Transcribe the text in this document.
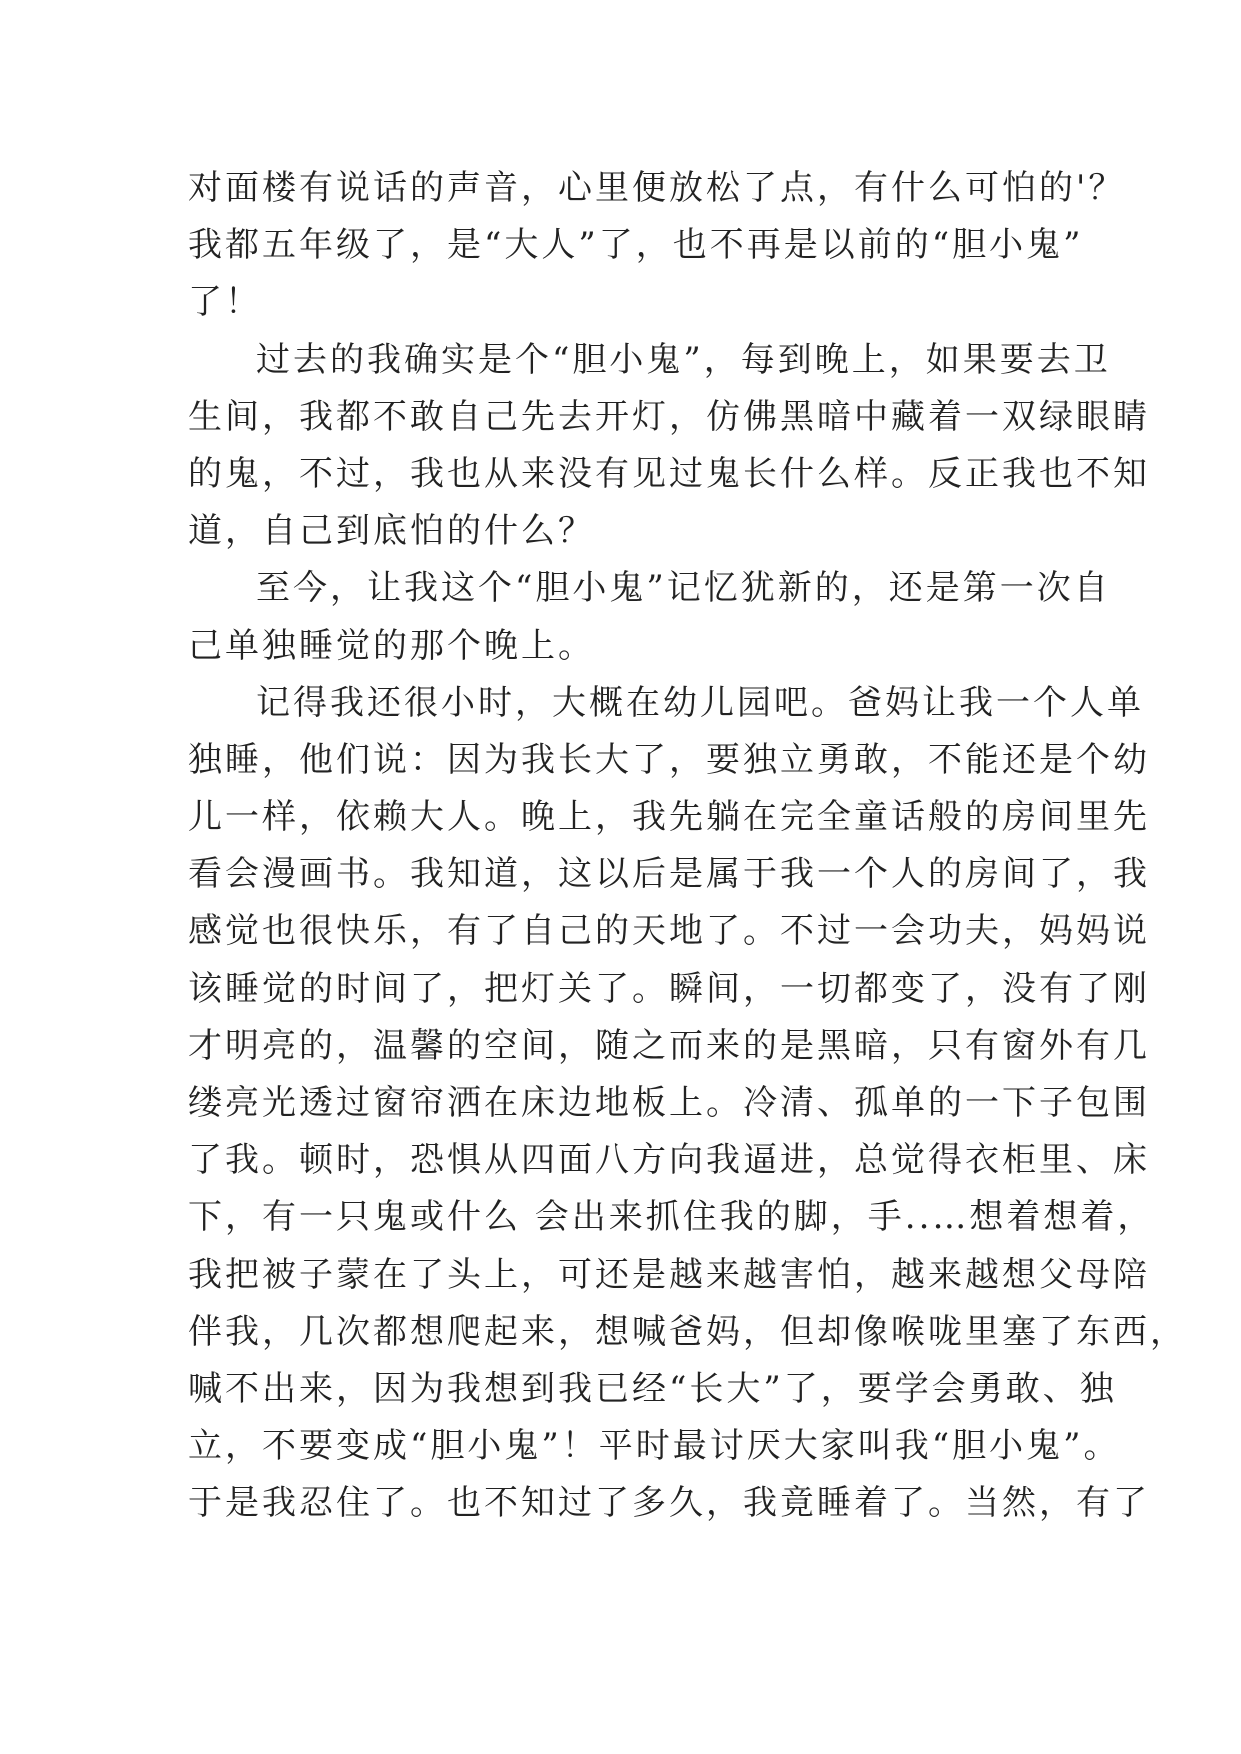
对面楼有说话的声音，心里便放松了点，有什么可怕的'？
我都五年级了，是“大人”了，也不再是以前的“胆小鬼”
了！
过去的我确实是个“胆小鬼”，每到晚上，如果要去卫
生间，我都不敢自己先去开灯，仿佛黑暗中藏着一双绿眼睛
的鬼，不过，我也从来没有见过鬼长什么样。反正我也不知
道，自己到底怕的什么？
至今，让我这个“胆小鬼”记忆犹新的，还是第一次自
己单独睡觉的那个晚上。
记得我还很小时，大概在幼儿园吧。爸妈让我一个人单
独睡，他们说：因为我长大了，要独立勇敢，不能还是个幼
儿一样，依赖大人。晚上，我先躺在完全童话般的房间里先
看会漫画书。我知道，这以后是属于我一个人的房间了，我
感觉也很快乐，有了自己的天地了。不过一会功夫，妈妈说
该睡觉的时间了，把灯关了。瞬间，一切都变了，没有了刚
才明亮的，温馨的空间，随之而来的是黑暗，只有窗外有几
缕亮光透过窗帘洒在床边地板上。冷清、孤单的一下子包围
了我。顿时，恐惧从四面八方向我逼进，总觉得衣柜里、床
下，有一只鬼或什么 会出来抓住我的脚，手..…想着想着，
我把被子蒙在了头上，可还是越来越害怕，越来越想父母陪
伴我，几次都想爬起来，想喊爸妈，但却像喉咙里塞了东西，
喊不出来，因为我想到我已经“长大”了，要学会勇敢、独
立，不要变成“胆小鬼”！平时最讨厌大家叫我“胆小鬼”。
于是我忍住了。也不知过了多久，我竟睡着了。当然，有了
